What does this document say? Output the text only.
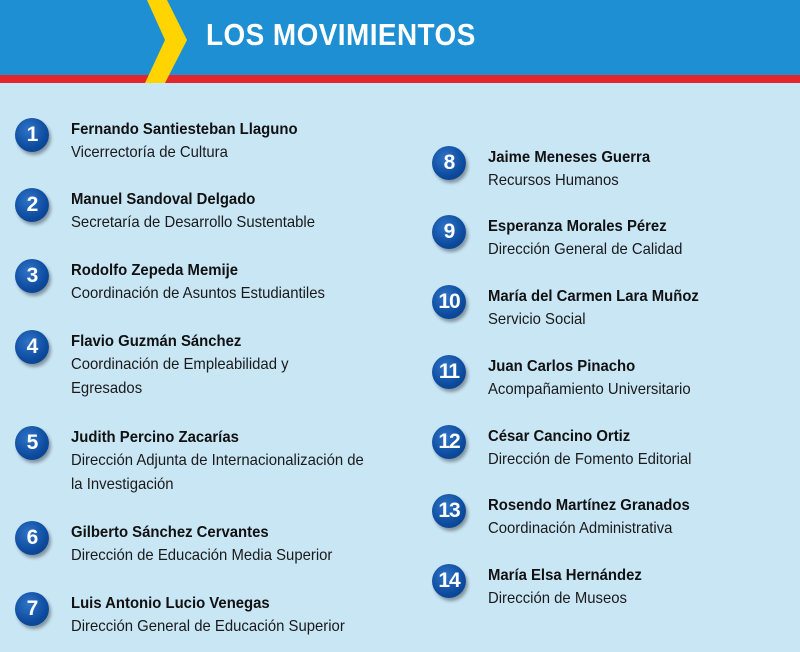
LOS MOVIMIENTOS
1	Fernando Santiesteban Llaguno
Vicerrectoría de Cultura
2	Manuel Sandoval Delgado
Secretaría de Desarrollo Sustentable
3	Rodolfo Zepeda Memije
Coordinación de Asuntos Estudiantiles
4	Flavio Guzmán Sánchez
Coordinación de Empleabilidad y Egresados
5	Judith Percino Zacarías
Dirección Adjunta de Internacionalización de la Investigación
6	Gilberto Sánchez Cervantes
Dirección de Educación Media Superior
7	Luis Antonio Lucio Venegas
Dirección General de Educación Superior
8	Jaime Meneses Guerra
Recursos Humanos
9	Esperanza Morales Pérez
Dirección General de Calidad
10	María del Carmen Lara Muñoz
Servicio Social
11	Juan Carlos Pinacho
Acompañamiento Universitario
12	César Cancino Ortiz
Dirección de Fomento Editorial
13	Rosendo Martínez Granados
Coordinación Administrativa
14	María Elsa Hernández
Dirección de Museos
